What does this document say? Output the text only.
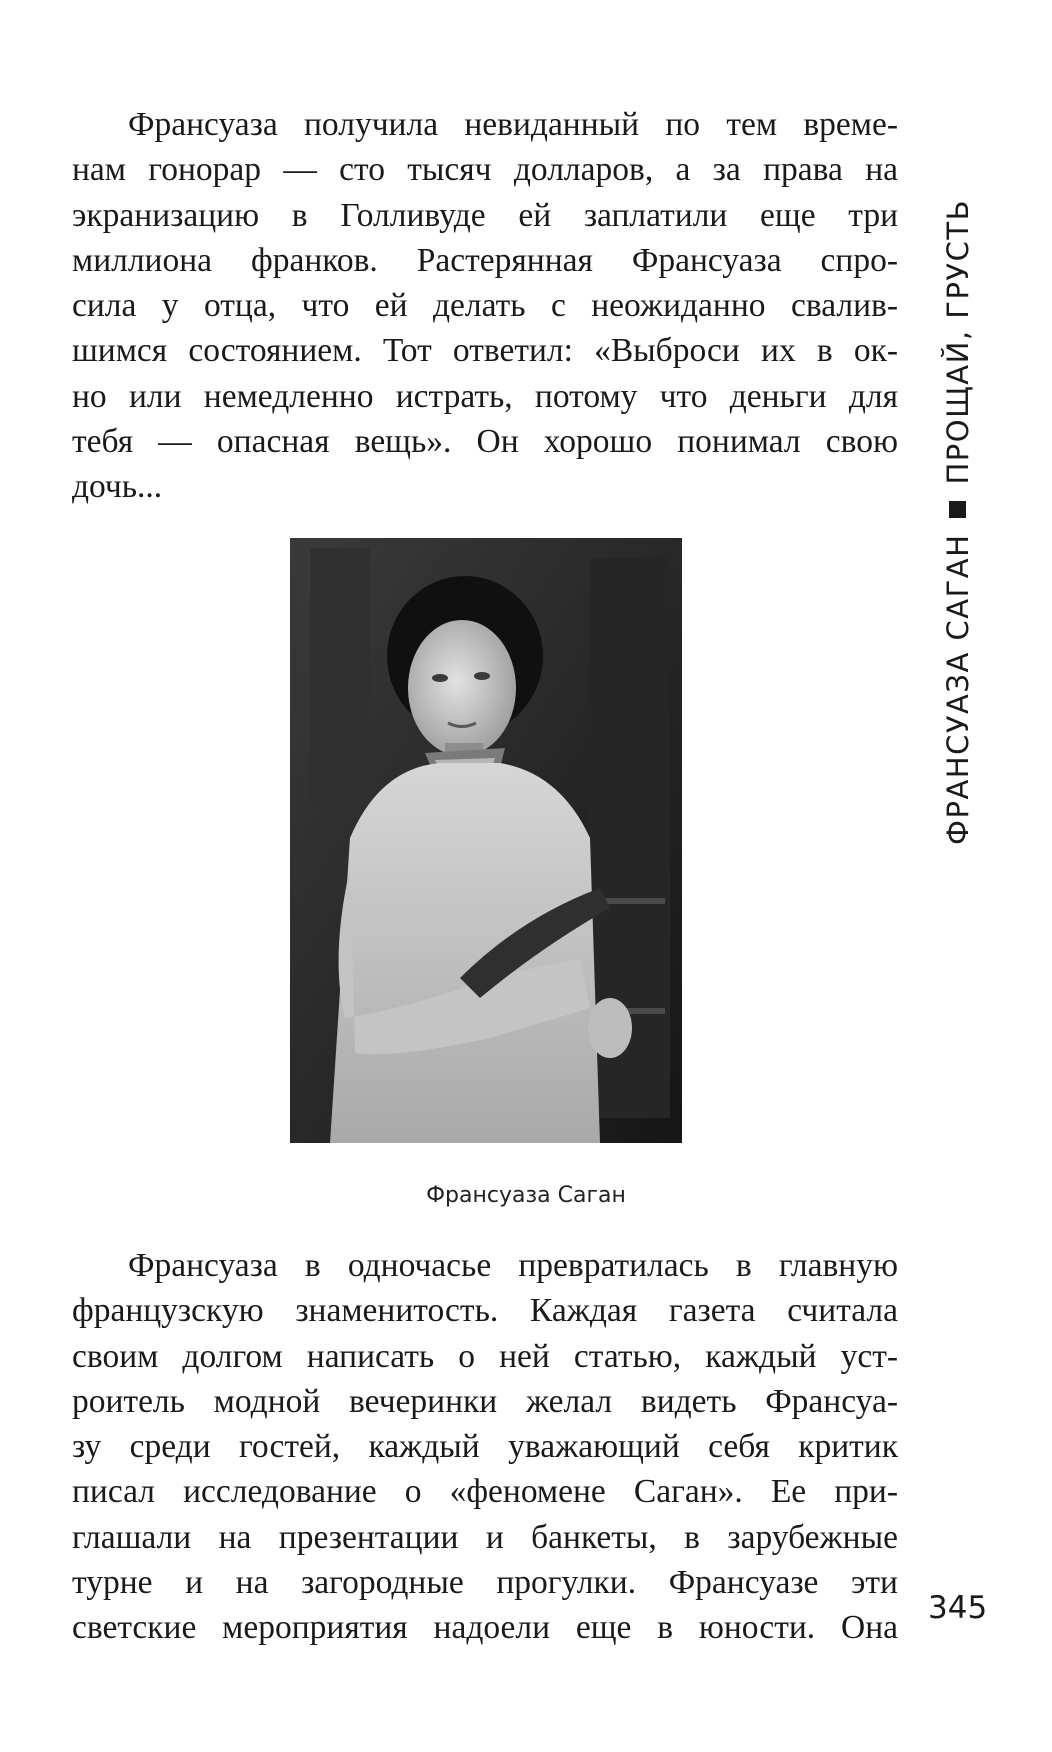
Франсуаза получила невиданный по тем време-
нам гонорар — сто тысяч долларов, а за права на
экранизацию в Голливуде ей заплатили еще три
миллиона франков. Растерянная Франсуаза спро-
сила у отца, что ей делать с неожиданно свалив-
шимся состоянием. Тот ответил: «Выброси их в ок-
но или немедленно истрать, потому что деньги для
тебя — опасная вещь». Он хорошо понимал свою
дочь...
Франсуаза Саган
Франсуаза в одночасье превратилась в главную
французскую знаменитость. Каждая газета считала
своим долгом написать о ней статью, каждый уст-
роитель модной вечеринки желал видеть Франсуа-
зу среди гостей, каждый уважающий себя критик
писал исследование о «феномене Саган». Ее при-
глашали на презентации и банкеты, в зарубежные
турне и на загородные прогулки. Франсуазе эти
светские мероприятия надоели еще в юности. Она
ФРАНСУАЗА САГАНПРОЩАЙ, ГРУСТЬ
345
